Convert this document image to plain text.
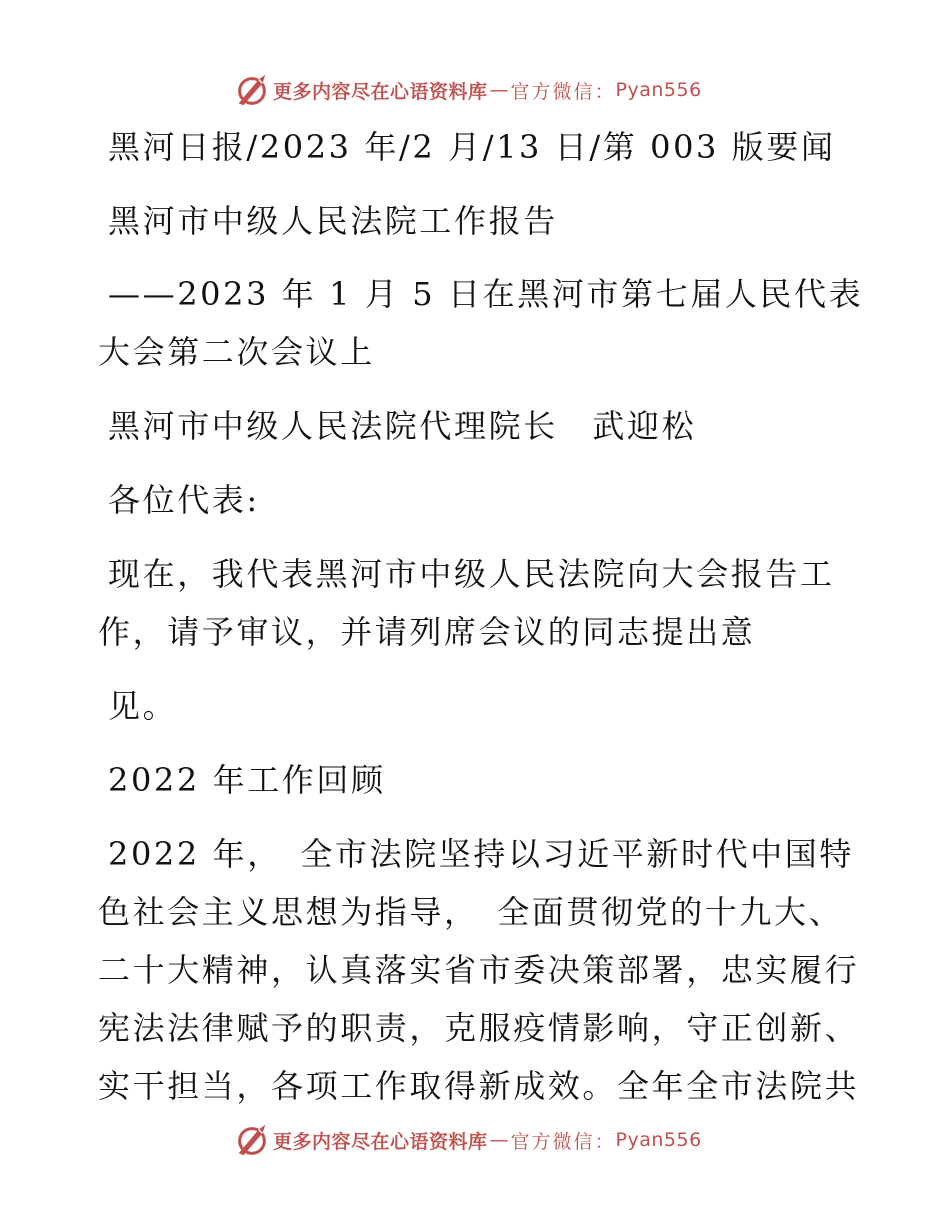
更多内容尽在心语资料库 — 官方微信： Pyan556
黑河日报/2023 年/2 月/13 日/第 003 版要闻
黑河市中级人民法院工作报告
——2023 年 1 月 5 日在黑河市第七届人民代表
大会第二次会议上
黑河市中级人民法院代理院长　武迎松
各位代表:
现在，我代表黑河市中级人民法院向大会报告工
作，请予审议，并请列席会议的同志提出意
见。
2022 年工作回顾
2022 年，　全市法院坚持以习近平新时代中国特
色社会主义思想为指导，　全面贯彻党的十九大、
二十大精神，认真落实省市委决策部署，忠实履行
宪法法律赋予的职责，克服疫情影响，守正创新、
实干担当，各项工作取得新成效。全年全市法院共
更多内容尽在心语资料库 — 官方微信： Pyan556
